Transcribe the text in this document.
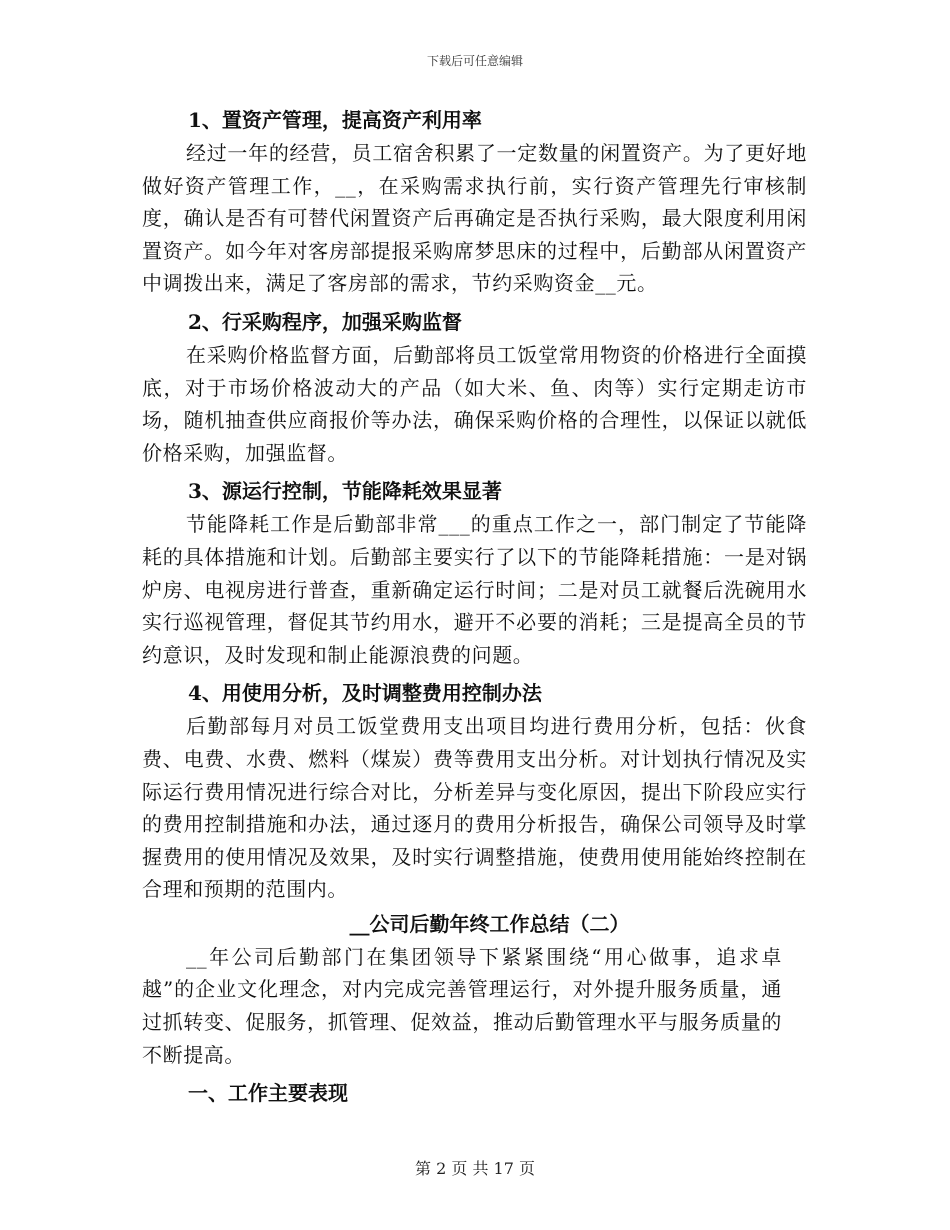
下载后可任意编辑
1、置资产管理，提高资产利用率

经过一年的经营，员工宿舍积累了一定数量的闲置资产。为了更好地做好资产管理工作，__，在采购需求执行前，实行资产管理先行审核制度，确认是否有可替代闲置资产后再确定是否执行采购，最大限度利用闲置资产。如今年对客房部提报采购席梦思床的过程中，后勤部从闲置资产中调拨出来，满足了客房部的需求，节约采购资金__元。

2、行采购程序，加强采购监督

在采购价格监督方面，后勤部将员工饭堂常用物资的价格进行全面摸底，对于市场价格波动大的产品（如大米、鱼、肉等）实行定期走访市场，随机抽查供应商报价等办法，确保采购价格的合理性，以保证以就低价格采购，加强监督。

3、源运行控制，节能降耗效果显著

节能降耗工作是后勤部非常___的重点工作之一，部门制定了节能降耗的具体措施和计划。后勤部主要实行了以下的节能降耗措施：一是对锅炉房、电视房进行普查，重新确定运行时间；二是对员工就餐后洗碗用水实行巡视管理，督促其节约用水，避开不必要的消耗；三是提高全员的节约意识，及时发现和制止能源浪费的问题。

4、用使用分析，及时调整费用控制办法

后勤部每月对员工饭堂费用支出项目均进行费用分析，包括：伙食费、电费、水费、燃料（煤炭）费等费用支出分析。对计划执行情况及实际运行费用情况进行综合对比，分析差异与变化原因，提出下阶段应实行的费用控制措施和办法，通过逐月的费用分析报告，确保公司领导及时掌握费用的使用情况及效果，及时实行调整措施，使费用使用能始终控制在合理和预期的范围内。

__公司后勤年终工作总结（二）

__年公司后勤部门在集团领导下紧紧围绕“用心做事，追求卓越”的企业文化理念，对内完成完善管理运行，对外提升服务质量，通过抓转变、促服务，抓管理、促效益，推动后勤管理水平与服务质量的不断提高。

一、工作主要表现
第 2 页 共 17 页
